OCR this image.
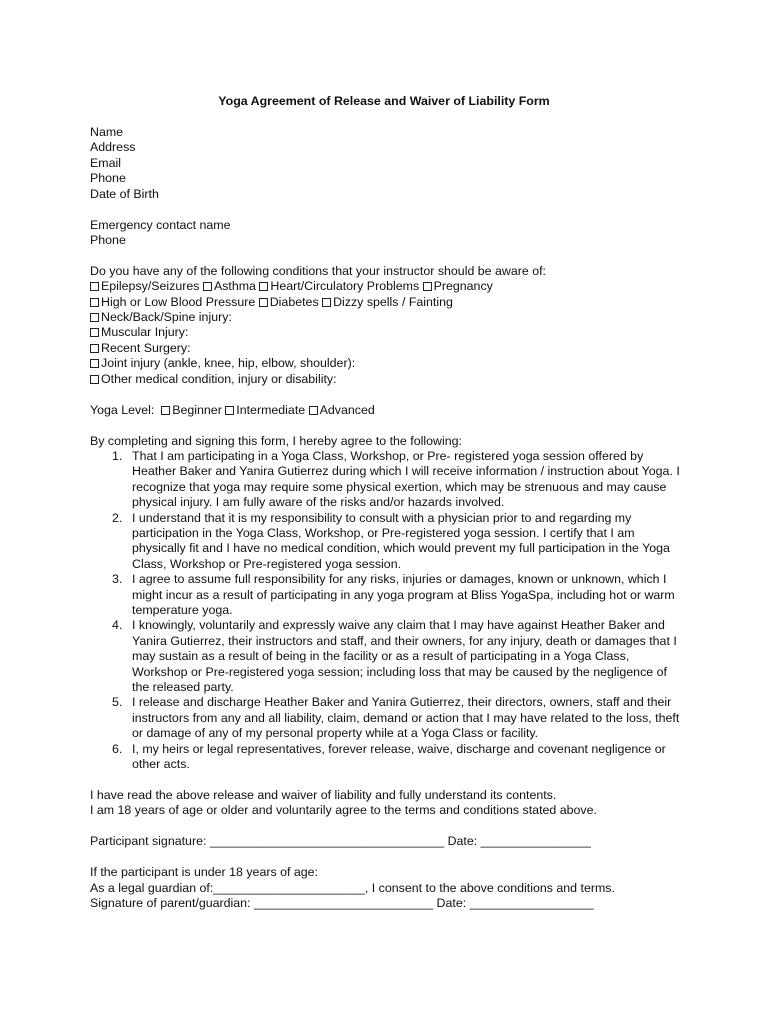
Yoga Agreement of Release and Waiver of Liability Form
Name
Address
Email
Phone
Date of Birth
Emergency contact name
Phone
Do you have any of the following conditions that your instructor should be aware of:
Epilepsy/Seizures Asthma Heart/Circulatory Problems Pregnancy
High or Low Blood Pressure Diabetes Dizzy spells / Fainting
Neck/Back/Spine injury:
Muscular Injury:
Recent Surgery:
Joint injury (ankle, knee, hip, elbow, shoulder):
Other medical condition, injury or disability:
Yoga Level: Beginner Intermediate Advanced
By completing and signing this form, I hereby agree to the following:
That I am participating in a Yoga Class, Workshop, or Pre- registered yoga session offered by Heather Baker and Yanira Gutierrez during which I will receive information / instruction about Yoga. I recognize that yoga may require some physical exertion, which may be strenuous and may cause physical injury. I am fully aware of the risks and/or hazards involved.
I understand that it is my responsibility to consult with a physician prior to and regarding my participation in the Yoga Class, Workshop, or Pre-registered yoga session. I certify that I am physically fit and I have no medical condition, which would prevent my full participation in the Yoga Class, Workshop or Pre-registered yoga session.
I agree to assume full responsibility for any risks, injuries or damages, known or unknown, which I might incur as a result of participating in any yoga program at Bliss YogaSpa, including hot or warm temperature yoga.
I knowingly, voluntarily and expressly waive any claim that I may have against Heather Baker and Yanira Gutierrez, their instructors and staff, and their owners, for any injury, death or damages that I may sustain as a result of being in the facility or as a result of participating in a Yoga Class, Workshop or Pre-registered yoga session; including loss that may be caused by the negligence of the released party.
I release and discharge Heather Baker and Yanira Gutierrez, their directors, owners, staff and their instructors from any and all liability, claim, demand or action that I may have related to the loss, theft or damage of any of my personal property while at a Yoga Class or facility.
I, my heirs or legal representatives, forever release, waive, discharge and covenant negligence or other acts.
I have read the above release and waiver of liability and fully understand its contents.
I am 18 years of age or older and voluntarily agree to the terms and conditions stated above.
Participant signature: __________________________________ Date: ________________
If the participant is under 18 years of age:
As a legal guardian of:______________________, I consent to the above conditions and terms.
Signature of parent/guardian: __________________________ Date: __________________
